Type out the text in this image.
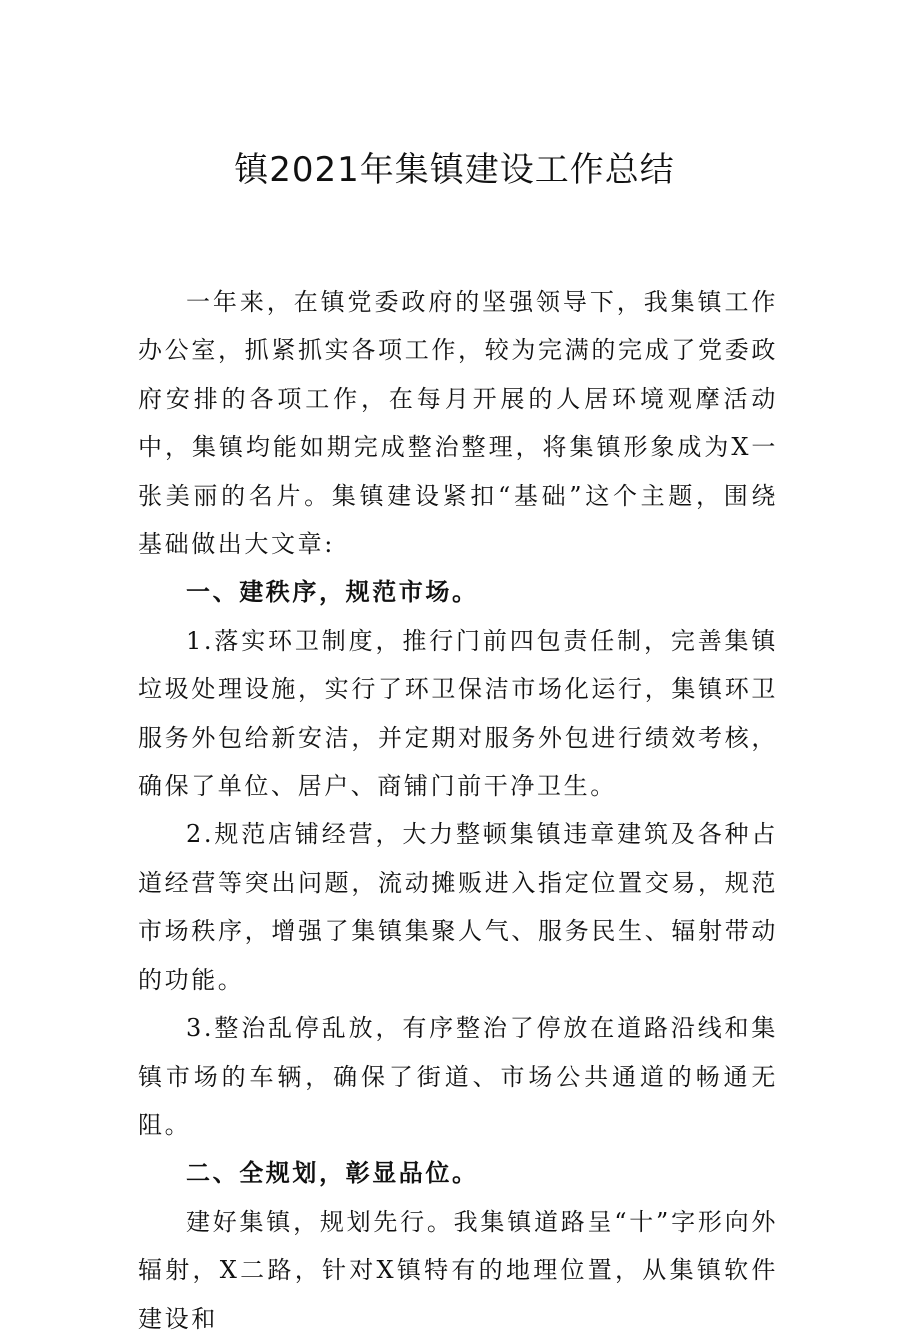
镇2021年集镇建设工作总结

一年来，在镇党委政府的坚强领导下，我集镇工作办公室，抓紧抓实各项工作，较为完满的完成了党委政府安排的各项工作，在每月开展的人居环境观摩活动中，集镇均能如期完成整治整理，将集镇形象成为X一张美丽的名片。集镇建设紧扣“基础”这个主题，围绕基础做出大文章:

一、建秩序，规范市场。

1.落实环卫制度，推行门前四包责任制，完善集镇垃圾处理设施，实行了环卫保洁市场化运行，集镇环卫服务外包给新安洁，并定期对服务外包进行绩效考核，确保了单位、居户、商铺门前干净卫生。

2.规范店铺经营，大力整顿集镇违章建筑及各种占道经营等突出问题，流动摊贩进入指定位置交易，规范市场秩序，增强了集镇集聚人气、服务民生、辐射带动的功能。

3.整治乱停乱放，有序整治了停放在道路沿线和集镇市场的车辆，确保了街道、市场公共通道的畅通无阻。

二、全规划，彰显品位。

建好集镇，规划先行。我集镇道路呈“十”字形向外辐射，X二路，针对X镇特有的地理位置，从集镇软件建设和
